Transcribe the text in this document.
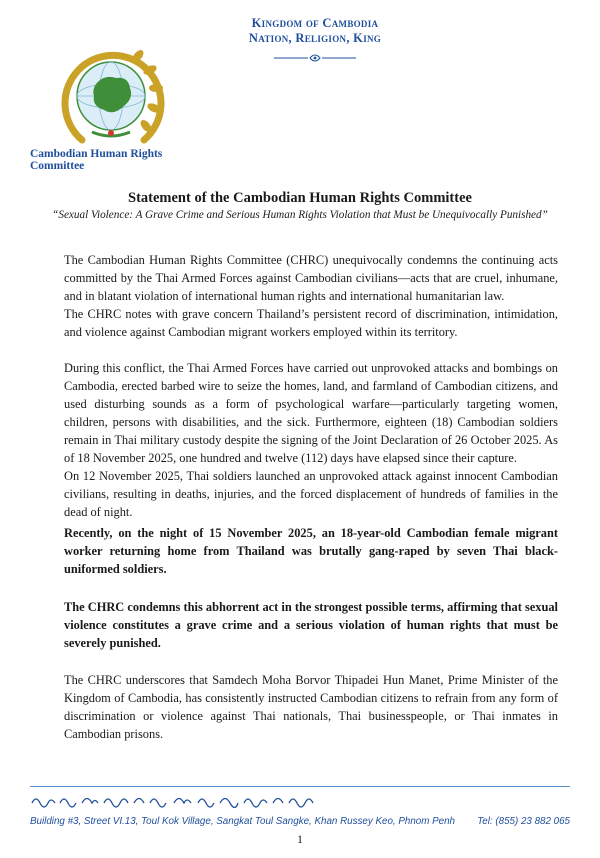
Kingdom of Cambodia
Nation, Religion, King
Cambodian Human Rights Committee
Statement of the Cambodian Human Rights Committee
“Sexual Violence: A Grave Crime and Serious Human Rights Violation that Must be Unequivocally Punished”

The Cambodian Human Rights Committee (CHRC) unequivocally condemns the continuing acts committed by the Thai Armed Forces against Cambodian civilians—acts that are cruel, inhumane, and in blatant violation of international human rights and international humanitarian law.

The CHRC notes with grave concern Thailand’s persistent record of discrimination, intimidation, and violence against Cambodian migrant workers employed within its territory.

During this conflict, the Thai Armed Forces have carried out unprovoked attacks and bombings on Cambodia, erected barbed wire to seize the homes, land, and farmland of Cambodian citizens, and used disturbing sounds as a form of psychological warfare—particularly targeting women, children, persons with disabilities, and the sick. Furthermore, eighteen (18) Cambodian soldiers remain in Thai military custody despite the signing of the Joint Declaration of 26 October 2025. As of 18 November 2025, one hundred and twelve (112) days have elapsed since their capture.

On 12 November 2025, Thai soldiers launched an unprovoked attack against innocent Cambodian civilians, resulting in deaths, injuries, and the forced displacement of hundreds of families in the dead of night.

Recently, on the night of 15 November 2025, an 18-year-old Cambodian female migrant worker returning home from Thailand was brutally gang-raped by seven Thai black-uniformed soldiers.

The CHRC condemns this abhorrent act in the strongest possible terms, affirming that sexual violence constitutes a grave crime and a serious violation of human rights that must be severely punished.

The CHRC underscores that Samdech Moha Borvor Thipadei Hun Manet, Prime Minister of the Kingdom of Cambodia, has consistently instructed Cambodian citizens to refrain from any form of discrimination or violence against Thai nationals, Thai businesspeople, or Thai inmates in Cambodian prisons.

Building #3, Street VI.13, Toul Kok Village, Sangkat Toul Sangke, Khan Russey Keo, Phnom Penh Tel: (855) 23 882 065
1
